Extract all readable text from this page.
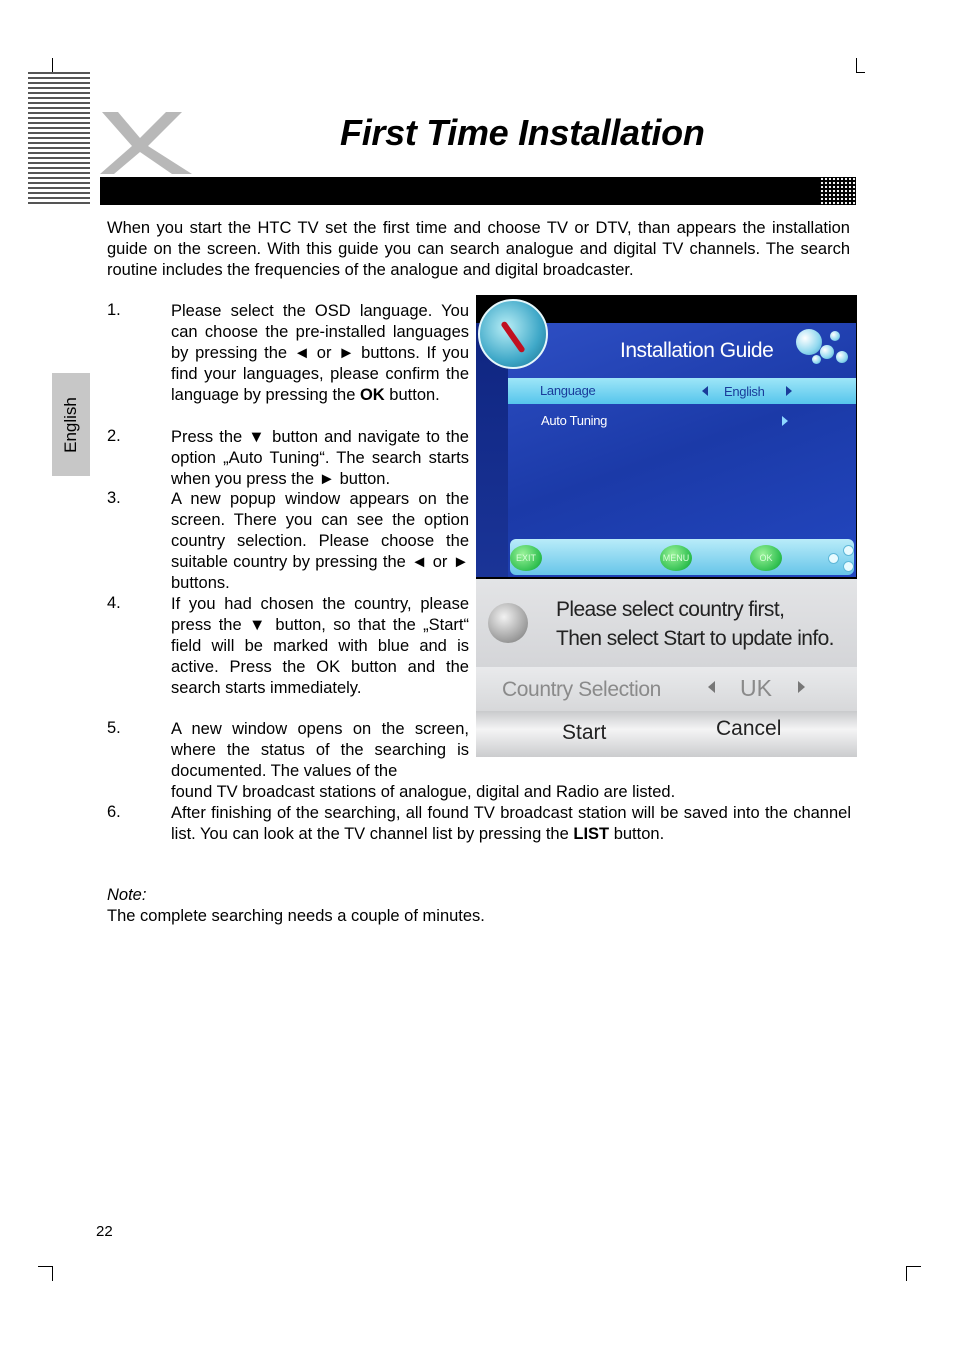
First Time Installation
English
When you start the HTC TV set the first time and choose TV or DTV, than appears the installation guide on the screen. With this guide you can search analogue and digital TV channels. The search routine includes the frequencies of the analogue and digital broadcaster.
1.	Please select the OSD language. You can choose the pre-installed languages by pressing the ◄ or ► buttons. If you find your languages, please confirm the language by pressing the OK button.
2.	Press the ▼ button and navigate to the option „Auto Tuning“. The search starts when you press the ► button.
3.	A new popup window appears on the screen. There you can see the option country selection. Please choose the suitable country by pressing the ◄ or ► buttons.
4.	If you had chosen the country, please press the ▼ button, so that the „Start“ field will be marked with blue and is active. Press the OK button and the search starts immediately.
5.	A new window opens on the screen, where the status of the searching is documented. The values of the
found TV broadcast stations of analogue, digital and Radio are listed.
6.	After finishing of the searching, all found TV broadcast station will be saved into the channel list. You can look at the TV channel list by pressing the LIST button.
Installation Guide
Language	English
Auto Tuning
EXIT	MENU	OK
Please select country first,
Then select Start to update info.
Country Selection	UK
Start	Cancel
Note:
The complete searching needs a couple of minutes.
22
